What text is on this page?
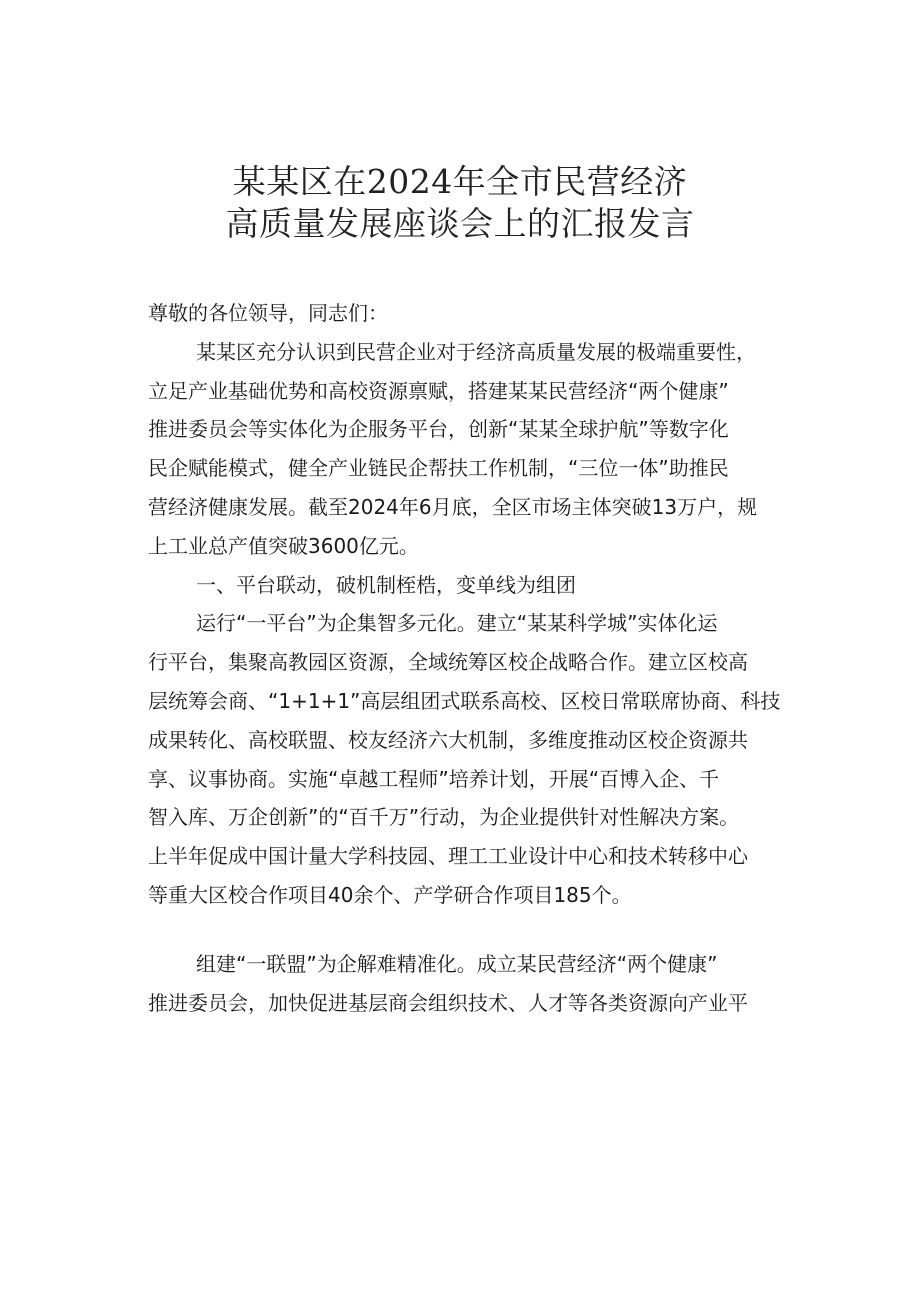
某某区在2024年全市民营经济
高质量发展座谈会上的汇报发言
尊敬的各位领导，同志们：
某某区充分认识到民营企业对于经济高质量发展的极端重要性，
立足产业基础优势和高校资源禀赋，搭建某某民营经济“两个健康”
推进委员会等实体化为企服务平台，创新“某某全球护航”等数字化
民企赋能模式，健全产业链民企帮扶工作机制，“三位一体”助推民
营经济健康发展。截至2024年6月底，全区市场主体突破13万户，规
上工业总产值突破3600亿元。
一、平台联动，破机制桎梏，变单线为组团
运行“一平台”为企集智多元化。建立“某某科学城”实体化运
行平台，集聚高教园区资源，全域统筹区校企战略合作。建立区校高
层统筹会商、“1+1+1”高层组团式联系高校、区校日常联席协商、科技
成果转化、高校联盟、校友经济六大机制，多维度推动区校企资源共
享、议事协商。实施“卓越工程师”培养计划，开展“百博入企、千
智入库、万企创新”的“百千万”行动，为企业提供针对性解决方案。
上半年促成中国计量大学科技园、理工工业设计中心和技术转移中心
等重大区校合作项目40余个、产学研合作项目185个。
组建“一联盟”为企解难精准化。成立某民营经济“两个健康”
推进委员会，加快促进基层商会组织技术、人才等各类资源向产业平
